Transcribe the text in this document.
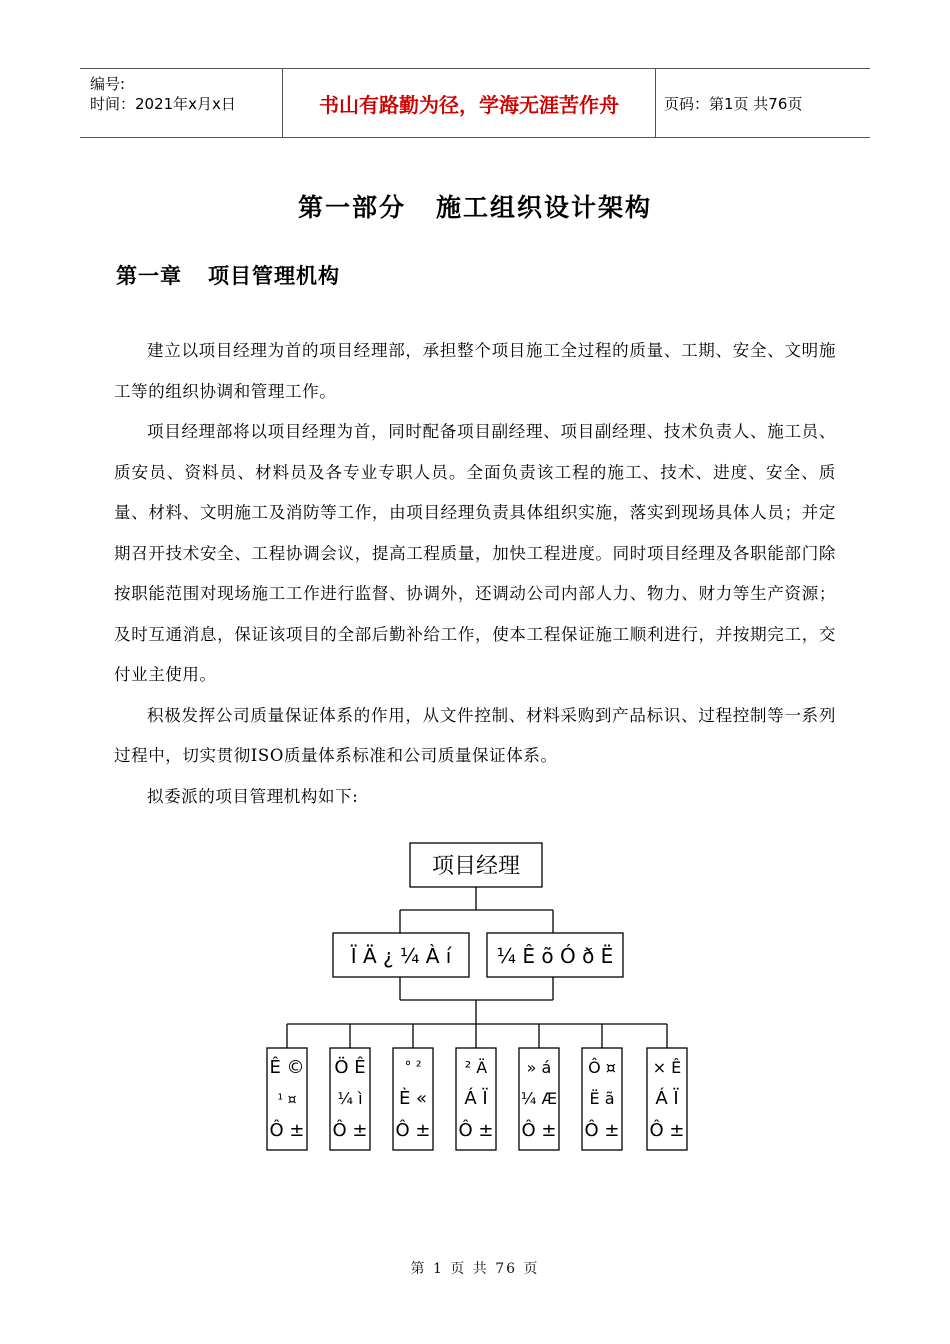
编号:
时间：2021年x月x日	书山有路勤为径，学海无涯苦作舟	页码：第1页 共76页
第一部分 施工组织设计架构
第一章 项目管理机构

建立以项目经理为首的项目经理部，承担整个项目施工全过程的质量、工期、安全、文明施工等的组织协调和管理工作。

项目经理部将以项目经理为首，同时配备项目副经理、项目副经理、技术负责人、施工员、质安员、资料员、材料员及各专业专职人员。全面负责该工程的施工、技术、进度、安全、质量、材料、文明施工及消防等工作，由项目经理负责具体组织实施，落实到现场具体人员；并定期召开技术安全、工程协调会议，提高工程质量，加快工程进度。同时项目经理及各职能部门除按职能范围对现场施工工作进行监督、协调外，还调动公司内部人力、物力、财力等生产资源；及时互通消息，保证该项目的全部后勤补给工作，使本工程保证施工顺利进行，并按期完工，交付业主使用。

积极发挥公司质量保证体系的作用，从文件控制、材料采购到产品标识、过程控制等一系列过程中，切实贯彻ISO质量体系标准和公司质量保证体系。

拟委派的项目管理机构如下:

项目经理
Ï Ä ¿ ¼ À í ¼ Ê õ Ó ð Ë
Ê ©
¹ ¤
Ô ±
Ö Ê
¼ ì
Ô ±
° ²
È «
Ô ±
² Ä
Á Ï
Ô ±
» á
¼ Æ
Ô ±
Ô ¤
Ë ã
Ô ±
× Ê
Á Ï
Ô ±
第 1 页 共 76 页
